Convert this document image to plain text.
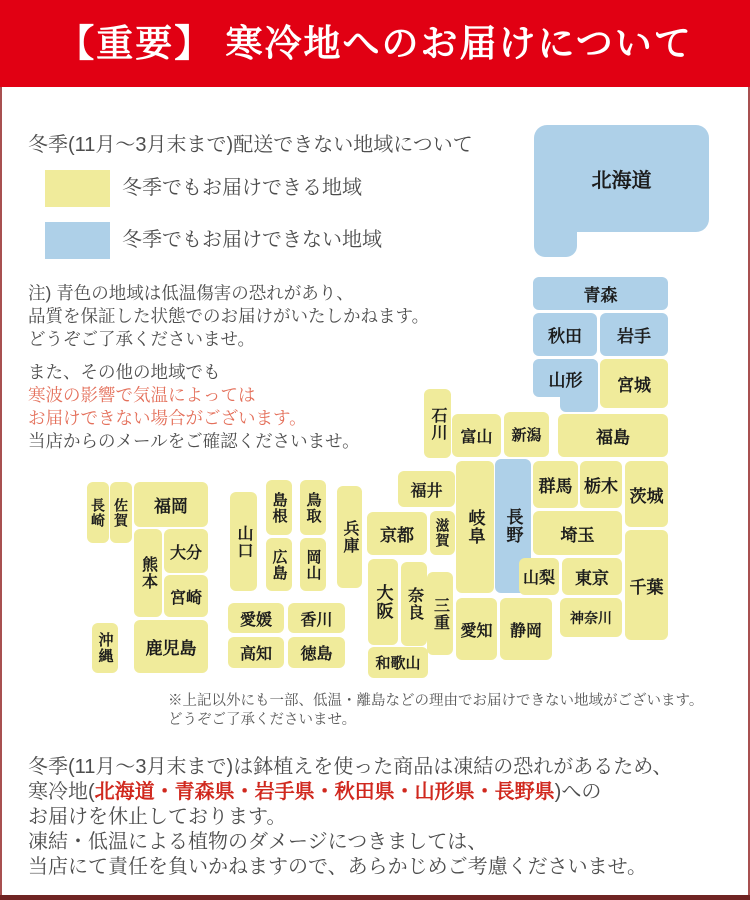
【重要】 寒冷地へのお届けについて
冬季(11月～3月末まで)配送できない地域について
冬季でもお届けできる地域
冬季でもお届けできない地域
注) 青色の地域は低温傷害の恐れがあり、
品質を保証した状態でのお届けがいたしかねます。
どうぞご了承くださいませ。
また、その他の地域でも
寒波の影響で気温によっては
お届けできない場合がございます。
当店からのメールをご確認くださいませ。
北海道
青森
秋田 岩手
山形 宮城
新潟	福島
富山
石川
福井
長野
群馬 栃木 茨城
埼玉
千葉
山梨 東京
神奈川
岐阜
静岡
愛知
三重
滋賀
京都
兵庫
大阪 奈良
和歌山
鳥取
島根
岡山
広島
山口
愛媛 香川
高知 徳島
福岡
佐賀
長崎
熊本
大分
宮崎
鹿児島
沖縄
※上記以外にも一部、低温・離島などの理由でお届けできない地域がございます。
どうぞご了承くださいませ。
冬季(11月～3月末まで)は鉢植えを使った商品は凍結の恐れがあるため、
寒冷地(北海道・青森県・岩手県・秋田県・山形県・長野県)への
お届けを休止しております。
凍結・低温による植物のダメージにつきましては、
当店にて責任を負いかねますので、あらかじめご考慮くださいませ。
